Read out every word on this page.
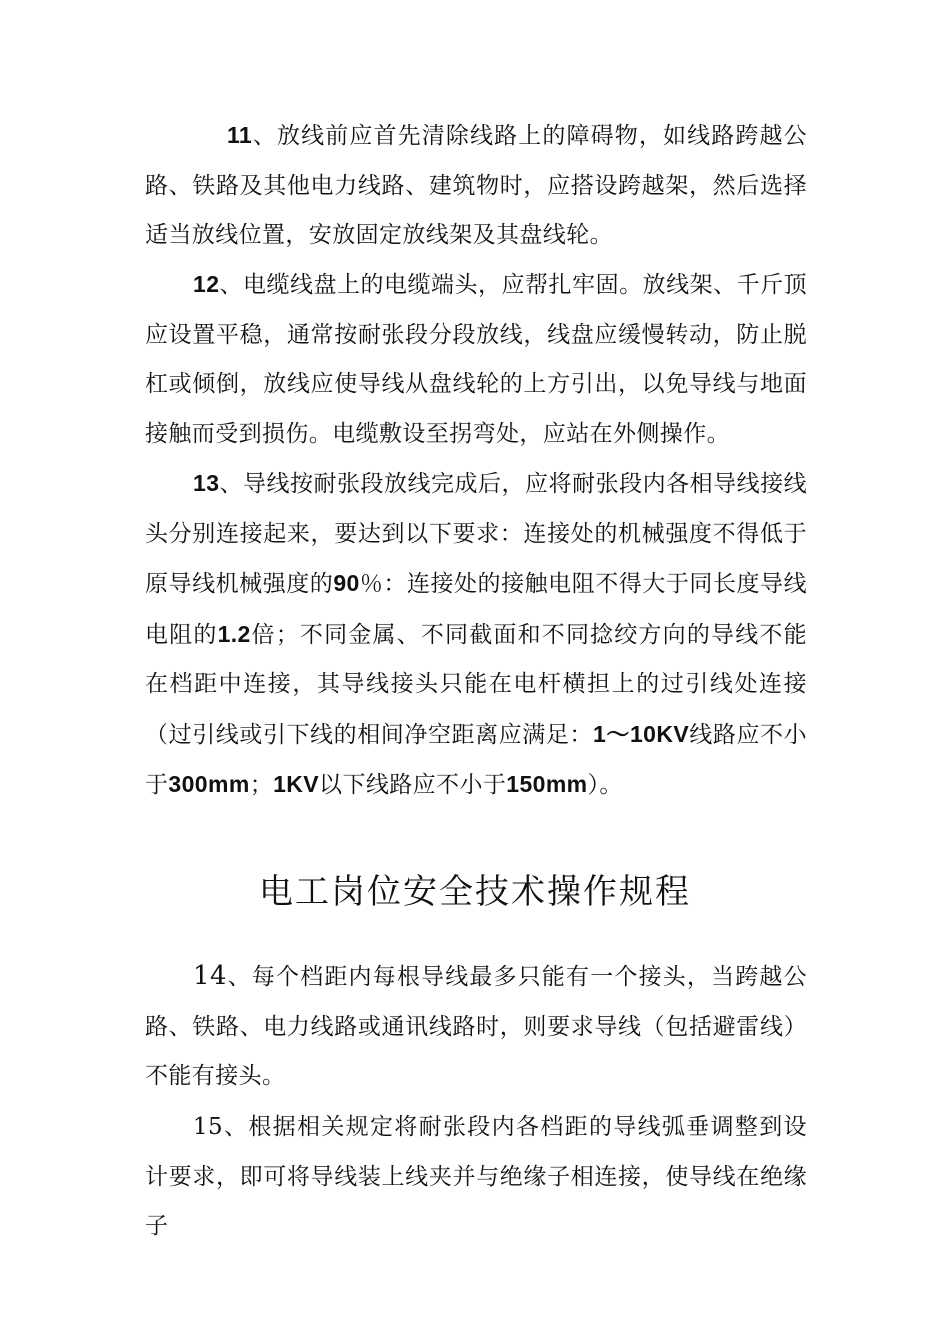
11、放线前应首先清除线路上的障碍物，如线路跨越公路、铁路及其他电力线路、建筑物时，应搭设跨越架，然后选择适当放线位置，安放固定放线架及其盘线轮。

12、电缆线盘上的电缆端头，应帮扎牢固。放线架、千斤顶应设置平稳，通常按耐张段分段放线，线盘应缓慢转动，防止脱杠或倾倒，放线应使导线从盘线轮的上方引出，以免导线与地面接触而受到损伤。电缆敷设至拐弯处，应站在外侧操作。

13、导线按耐张段放线完成后，应将耐张段内各相导线接线头分别连接起来，要达到以下要求：连接处的机械强度不得低于原导线机械强度的90％：连接处的接触电阻不得大于同长度导线电阻的1.2倍；不同金属、不同截面和不同捻绞方向的导线不能在档距中连接，其导线接头只能在电杆横担上的过引线处连接（过引线或引下线的相间净空距离应满足：1～10KV线路应不小于300mm；1KV以下线路应不小于150mm）。

电工岗位安全技术操作规程

14、每个档距内每根导线最多只能有一个接头，当跨越公路、铁路、电力线路或通讯线路时，则要求导线（包括避雷线）不能有接头。

15、根据相关规定将耐张段内各档距的导线弧垂调整到设计要求，即可将导线装上线夹并与绝缘子相连接，使导线在绝缘子
